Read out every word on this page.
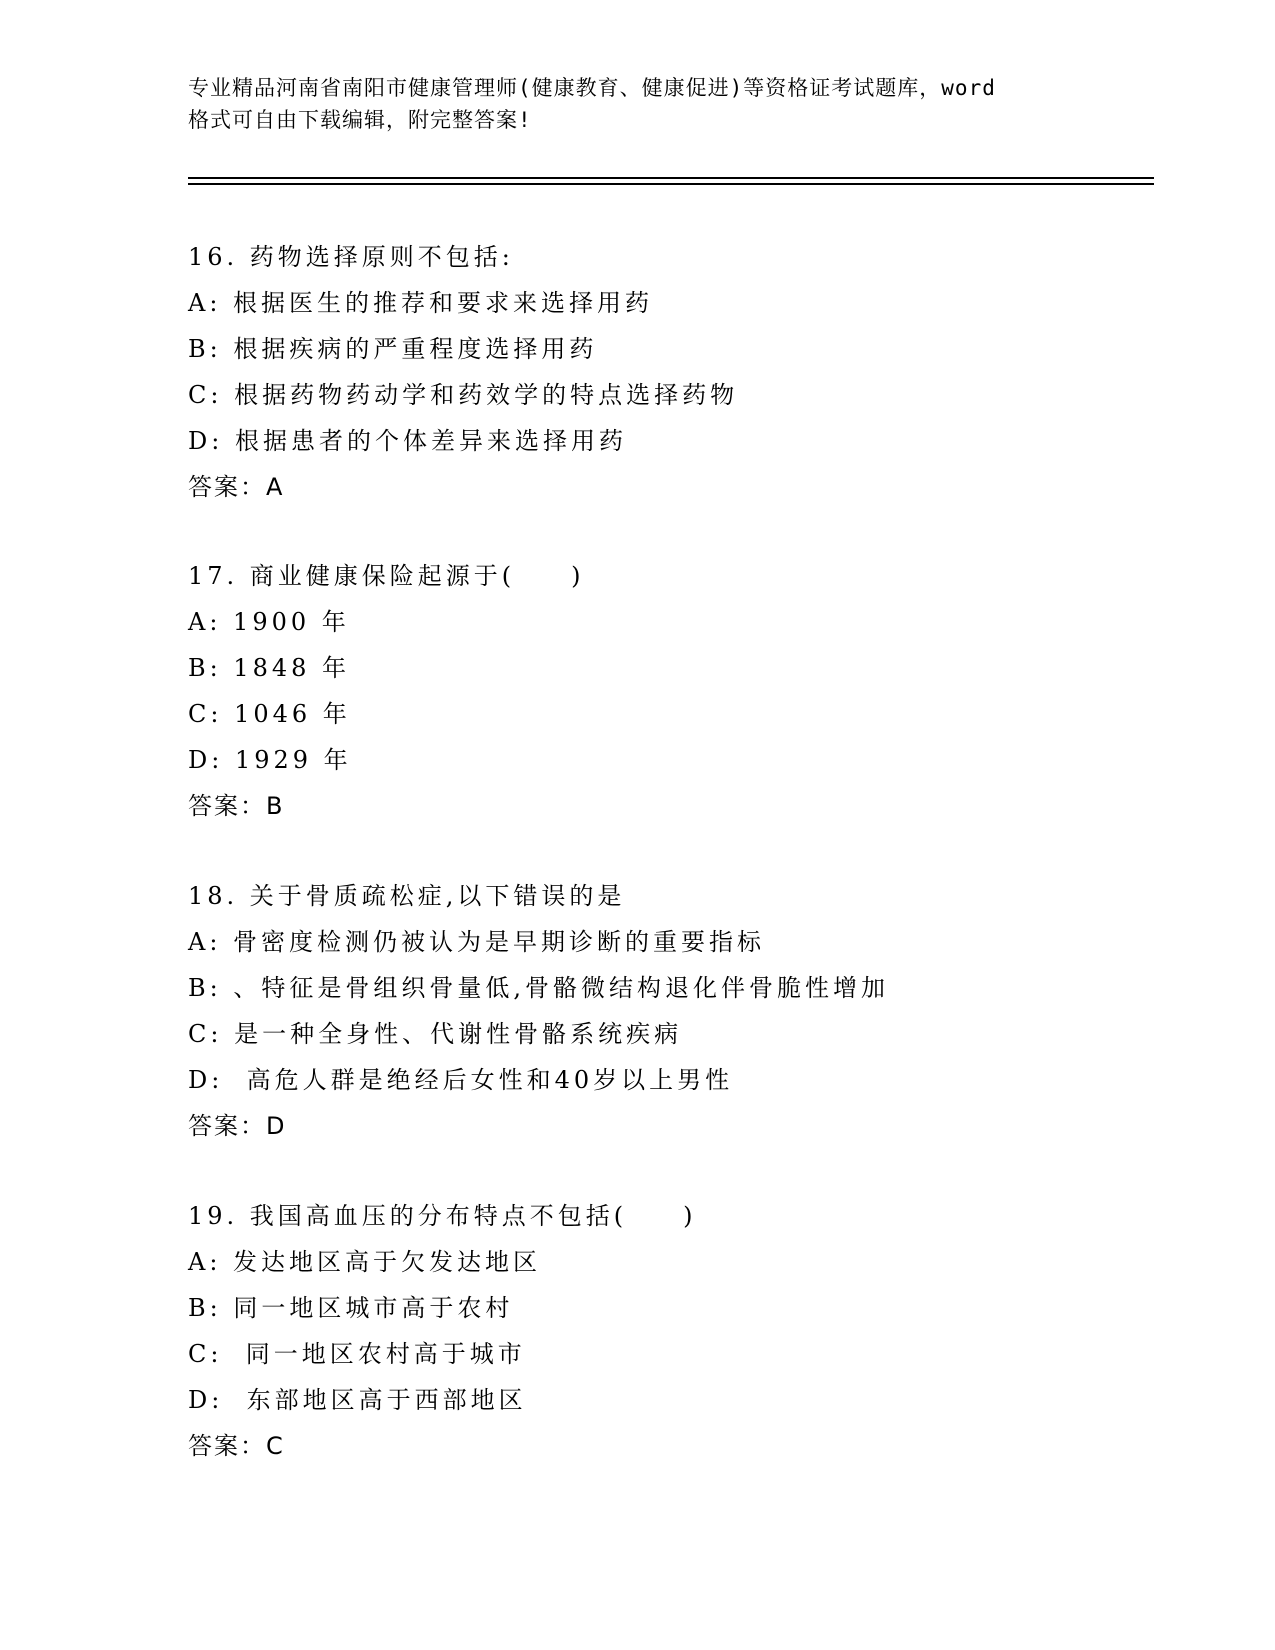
专业精品河南省南阳市健康管理师(健康教育、健康促进)等资格证考试题库，word
格式可自由下载编辑，附完整答案!
16. 药物选择原则不包括:
A: 根据医生的推荐和要求来选择用药
B: 根据疾病的严重程度选择用药
C: 根据药物药动学和药效学的特点选择药物
D: 根据患者的个体差异来选择用药
答案：A
17. 商业健康保险起源于(　　)
A: 1900 年
B: 1848 年
C: 1046 年
D: 1929 年
答案：B
18. 关于骨质疏松症,以下错误的是
A: 骨密度检测仍被认为是早期诊断的重要指标
B: 、特征是骨组织骨量低,骨骼微结构退化伴骨脆性增加
C: 是一种全身性、代谢性骨骼系统疾病
D:  高危人群是绝经后女性和40岁以上男性
答案：D
19. 我国高血压的分布特点不包括(　　)
A: 发达地区高于欠发达地区
B: 同一地区城市高于农村
C:  同一地区农村高于城市
D:  东部地区高于西部地区
答案：C
